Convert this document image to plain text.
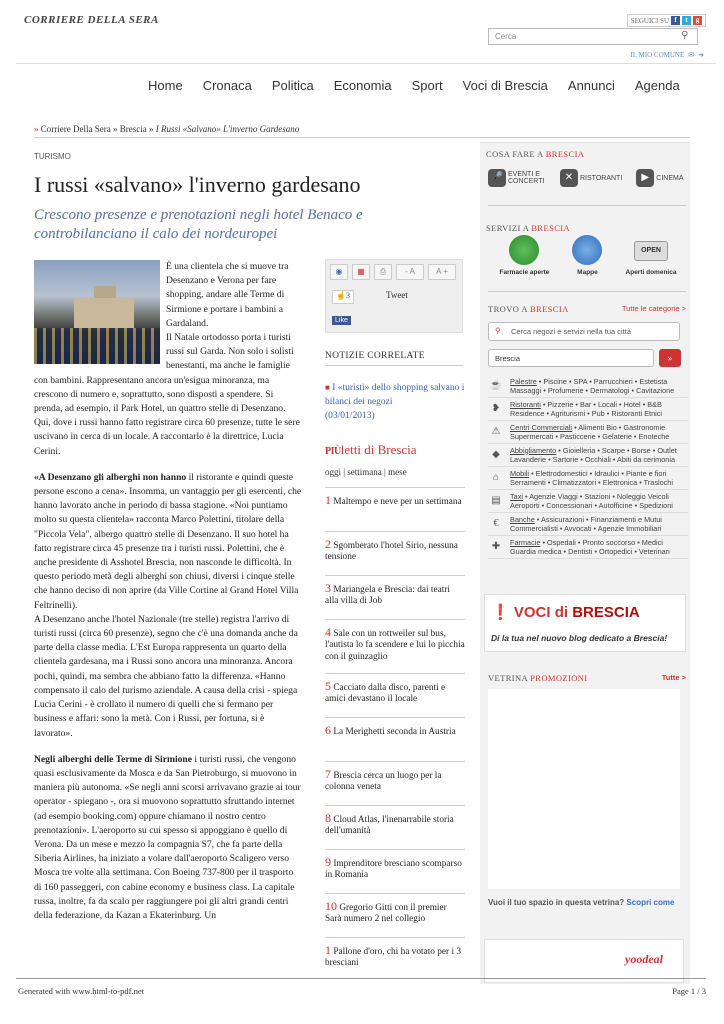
CORRIERE DELLA SERA	SEGUICI SU f	t	g
Cerca	⚲
IL MIO COMUNE ✉ ➔
Home Cronaca Politica Economia Sport Voci di Brescia Annunci Agenda
» Corriere Della Sera » Brescia » I Russi «Salvano» L'inverno Gardesano
TURISMO
I russi «salvano» l'inverno gardesano
Crescono presenze e prenotazioni negli hotel Benaco e controbilanciano il calo dei nordeuropei

È una clientela che si muove tra Desenzano e Verona per fare shopping, andare alle Terme di Sirmione e portare i bambini a Gardaland.

Il Natale ortodosso porta i turisti russi sul Garda. Non solo i solisti benestanti, ma anche le famiglie con bambini. Rappresentano ancora un'esigua minoranza, ma crescono di numero e, soprattutto, sono disposti a spendere. Si prenda, ad esempio, il Park Hotel, un quattro stelle di Desenzano. Qui, dove i russi hanno fatto registrare circa 60 presenze, tutte le sere uscivano in cerca di un locale. A raccontarlo è la direttrice, Lucia Cerini.

«A Desenzano gli alberghi non hanno il ristorante e quindi queste persone escono a cena». Insomma, un vantaggio per gli esercenti, che hanno lavorato anche in periodo di bassa stagione. «Noi puntiamo molto su questa clientela» racconta Marco Polettini, titolare della "Piccola Vela", albergo quattro stelle di Desenzano. Il suo hotel ha fatto registrare circa 45 presenze tra i turisti russi. Polettini, che è anche presidente di Asshotel Brescia, non nasconde le difficoltà. In questo periodo metà degli alberghi son chiusi, diversi i cinque stelle che hanno deciso di non aprire (da Ville Cortine al Grand Hotel Villa Feltrinelli).

A Desenzano anche l'hotel Nazionale (tre stelle) registra l'arrivo di turisti russi (circa 60 presenze), segno che c'è una domanda anche da parte della classe media. L'Est Europa rappresenta un quarto della clientela gardesana, ma i Russi sono ancora una minoranza. Ancora pochi, quindi, ma sembra che abbiano fatto la differenza. «Hanno compensato il calo del turismo aziendale. A causa della crisi - spiega Lucia Cerini - è crollato il numero di quelli che si fermano per business e affari: sono la metà. Con i Russi, per fortuna, si è lavorato».

Negli alberghi delle Terme di Sirmione i turisti russi, che vengono quasi esclusivamente da Mosca e da San Pietroburgo, si muovono in maniera più autonoma. «Se negli anni scorsi arrivavano grazie ai tour operator - spiegano -, ora si muovono soprattutto sfruttando internet (ad esempio booking.com) oppure chiamano il nostro centro prenotazioni». L'aeroporto su cui spesso si appoggiano è quello di Verona. Da un mese e mezzo la compagnia S7, che fa parte della Siberia Airlines, ha iniziato a volare dall'aeroporto Scaligero verso Mosca tre volte alla settimana. Con Boeing 737-800 per il trasporto di 160 passeggeri, con cabine economy e business class. La capitale russa, inoltre, fa da scalo per raggiungere poi gli altri grandi centri della federazione, da Kazan a Ekaterinburg. Un

◉	▦	⎙	- A	A +
☝3	Tweet
Like
NOTIZIE CORRELATE
■ I «turisti» dello shopping salvano i bilanci dei negozi
(03/01/2013)
PIÙletti di Brescia
oggi | settimana | mese
1 Maltempo e neve per un settimana
2 Sgomberato l'hotel Sirio, nessuna tensione
3 Mariangela e Brescia: dai teatri alla villa di Job
4 Sale con un rottweiler sul bus, l'autista lo fa scendere e lui lo picchia con il guinzaglio
5 Cacciato dalla disco, parenti e amici devastano il locale
6 La Merighetti seconda in Austria
7 Brescia cerca un luogo per la colonna veneta
8 Cloud Atlas, l'inenarrabile storia dell'umanità
9 Imprenditore bresciano scomparso in Romania
10 Gregorio Gitti con il premier Sarà numero 2 nel collegio
1 Pallone d'oro, chi ha votato per i 3 bresciani
COSA FARE A BRESCIA
🎤 EVENTI E CONCERTI	✕ RISTORANTI	▶	CINEMA
SERVIZI A BRESCIA
Farmacie aperte	Mappe
OPEN
Aperti domenica
TROVO A BRESCIA	Tutte le categorie >
⚲ Cerca negozi e servizi nella tua città
Brescia	»
☕ Palestre • Piscine • SPA • Parrucchieri • Estetista Massaggi • Profumerie • Dermatologi • Cavitazione
❥	Ristoranti • Pizzerie • Bar • Locali • Hotel • B&B Residence • Agriturismi • Pub • Ristoranti Etnici
⚠	Centri Commerciali • Alimenti Bio • Gastronomie Supermercati • Pasticcerie • Gelaterie • Enoteche
◆	Abbigliamento • Gioielleria • Scarpe • Borse • Outlet Lavanderie • Sartorie • Occhiali • Abiti da cerimonia
⌂	Mobili • Elettrodomestici • Idraulici • Piante e fiori Serramenti • Climatizzatori • Elettronica • Traslochi
▤	Taxi • Agenzie Viaggi • Stazioni • Noleggio Veicoli Aeroporti • Concessionari • Autofficine • Spedizioni
€	Banche • Assicurazioni • Finanziamenti e Mutui Commercialisti • Avvocati • Agenzie Immobiliari
✚	Farmacie • Ospedali • Pronto soccorso • Medici Guardia medica • Dentisti • Ortopedici • Veterinari
❗ VOCI di BRESCIA
Di la tua nel nuovo blog dedicato a Brescia!
VETRINA PROMOZIONI	Tutte >
Vuoi il tuo spazio in questa vetrina? Scopri come
yoodeal
Generated with www.html-to-pdf.net	Page 1 / 3
